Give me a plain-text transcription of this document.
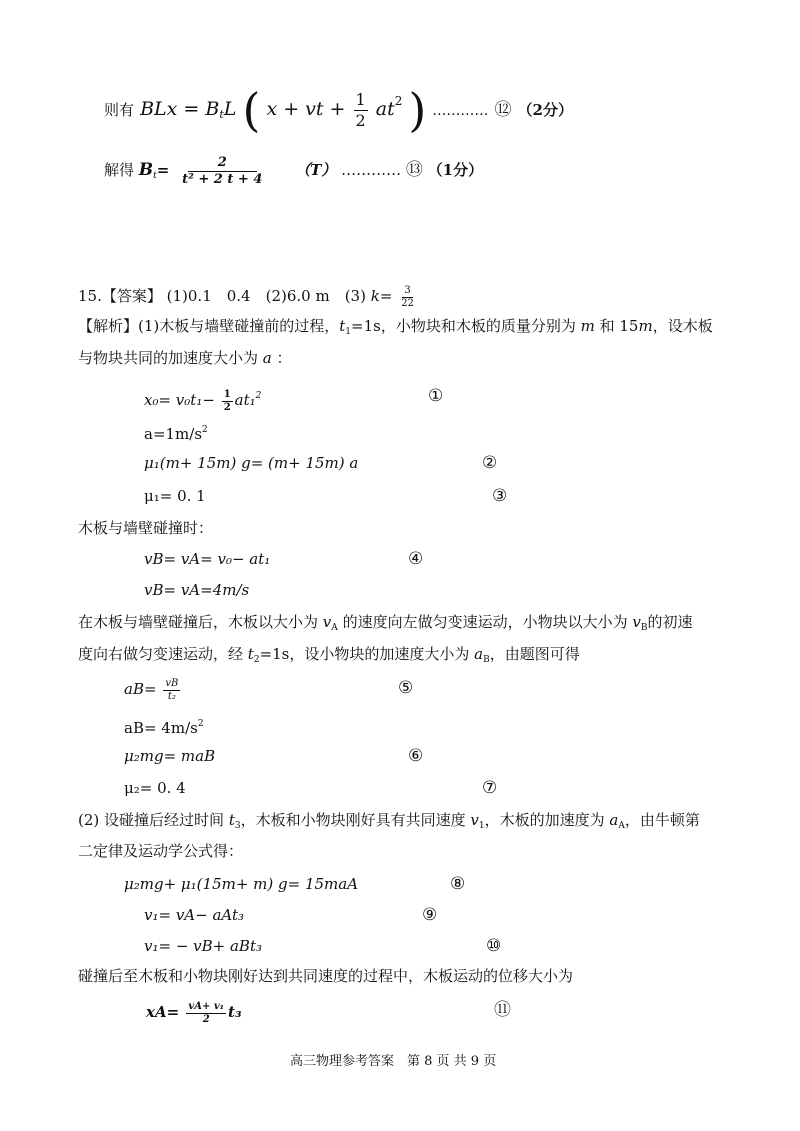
则有 BLx = $B_tL$ ( x + vt + $\frac{1}{2} at^2$ ) ………… ⑫ （2分）
解得 $B_t= \frac{2}{\text{t² + 2 t + 4}} (T)$ ………… ⑬ （1分）
15.【答案】 (1)0.1　0.4　(2)6.0 m　(3) $k= \frac{3}{22}$
【解析】(1)木板与墙壁碰撞前的过程，$t_1=1s$，小物块和木板的质量分别为 m 和 15m，设木板
与物块共同的加速度大小为 a ：
$x_0= v_0t_1- \frac{1}{2} at_1^2$	①
$a=1m/s^2$
μ₁(m+ 15m) g= (m+ 15m) a	②
μ₁= 0. 1	③
木板与墙壁碰撞时：
vB= vA= v₀− at₁	④
vB= vA=4m/s
在木板与墙壁碰撞后，木板以大小为 $v_A$ 的速度向左做匀变速运动，小物块以大小为 $v_B$的初速
度向右做匀变速运动，经 $t_2=1s$，设小物块的加速度大小为 $a_B$，由题图可得
$aB= \frac{vB}{\text{t₂}}$	⑤
$aB= 4m/s^2$
μ₂mg= maB	⑥
μ₂= 0. 4	⑦
(2) 设碰撞后经过时间 $t_3$，木板和小物块刚好具有共同速度 $v_1$，木板的加速度为 $a_A$，由牛顿第
二定律及运动学公式得：
μ₂mg+ μ₁(15m+ m) g= 15maA	⑧
v₁= vA− aAt₃	⑨
v₁= − vB+ aBt₃	⑩
碰撞后至木板和小物块刚好达到共同速度的过程中，木板运动的位移大小为
$xA= \frac{\text{vA+ v₁}}{2} t_3$	⑪
高三物理参考答案　第 8 页 共 9 页
